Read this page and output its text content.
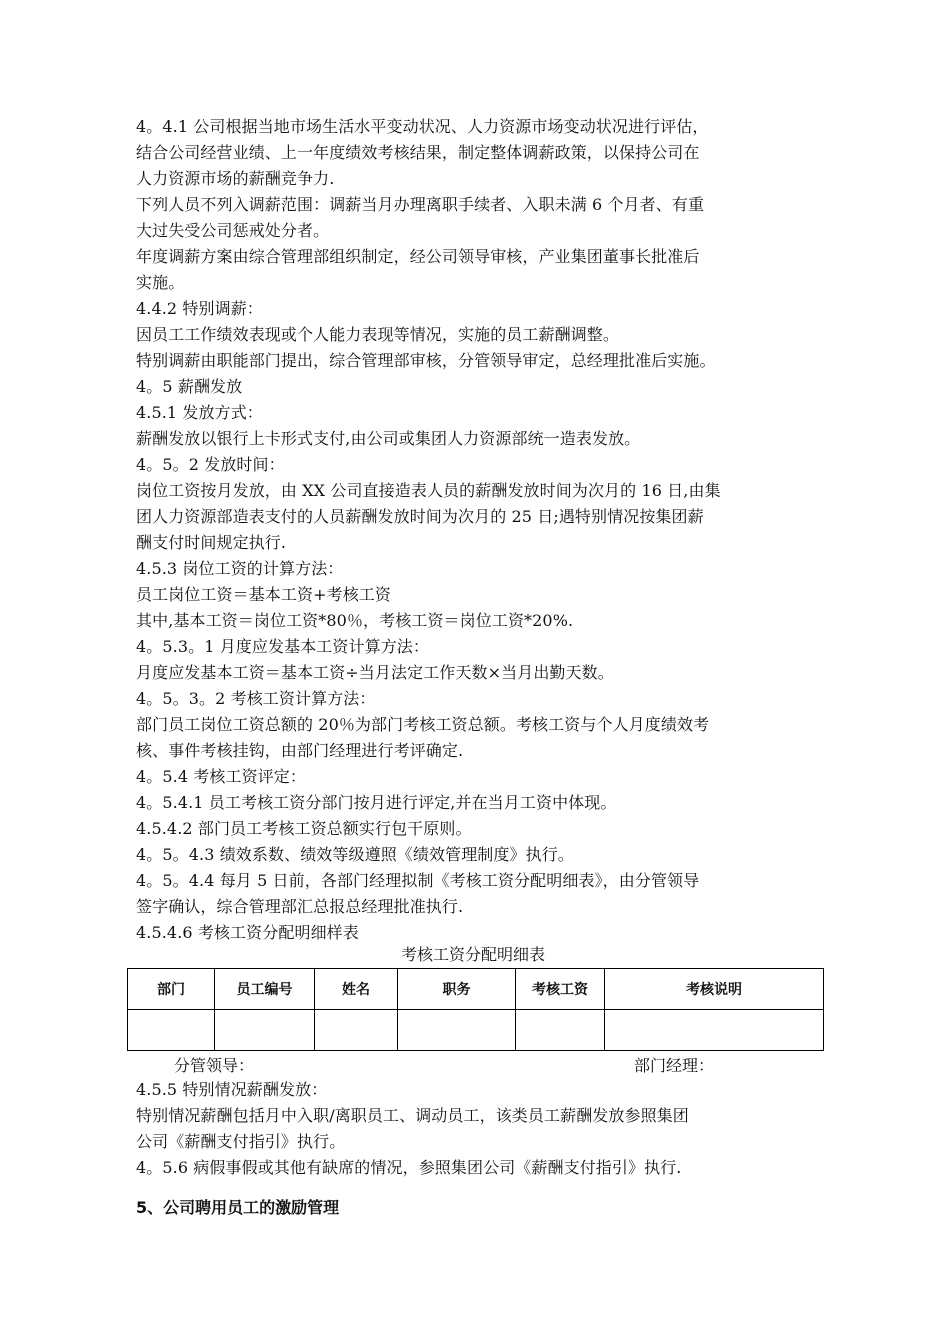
4。4.1 公司根据当地市场生活水平变动状况、人力资源市场变动状况进行评估，
结合公司经营业绩、上一年度绩效考核结果，制定整体调薪政策，以保持公司在
人力资源市场的薪酬竞争力.
下列人员不列入调薪范围：调薪当月办理离职手续者、入职未满 6 个月者、有重
大过失受公司惩戒处分者。
年度调薪方案由综合管理部组织制定，经公司领导审核，产业集团董事长批准后
实施。
4.4.2 特别调薪：
因员工工作绩效表现或个人能力表现等情况，实施的员工薪酬调整。
特别调薪由职能部门提出，综合管理部审核，分管领导审定，总经理批准后实施。
4。5 薪酬发放
4.5.1 发放方式：
薪酬发放以银行上卡形式支付,由公司或集团人力资源部统一造表发放。
4。5。2 发放时间：
岗位工资按月发放，由 XX 公司直接造表人员的薪酬发放时间为次月的 16 日,由集
团人力资源部造表支付的人员薪酬发放时间为次月的 25 日;遇特别情况按集团薪
酬支付时间规定执行.
4.5.3 岗位工资的计算方法：
员工岗位工资＝基本工资+考核工资
其中,基本工资＝岗位工资*80％，考核工资＝岗位工资*20%.
4。5.3。1 月度应发基本工资计算方法：
月度应发基本工资＝基本工资÷当月法定工作天数×当月出勤天数。
4。5。3。2 考核工资计算方法：
部门员工岗位工资总额的 20％为部门考核工资总额。考核工资与个人月度绩效考
核、事件考核挂钩，由部门经理进行考评确定.
4。5.4 考核工资评定：
4。5.4.1 员工考核工资分部门按月进行评定,并在当月工资中体现。
4.5.4.2 部门员工考核工资总额实行包干原则。
4。5。4.3 绩效系数、绩效等级遵照《绩效管理制度》执行。
4。5。4.4 每月 5 日前，各部门经理拟制《考核工资分配明细表》，由分管领导
签字确认，综合管理部汇总报总经理批准执行.
4.5.4.6 考核工资分配明细样表
考核工资分配明细表
部门	员工编号	姓名	职务	考核工资	考核说明

分管领导：	部门经理：
4.5.5 特别情况薪酬发放：
特别情况薪酬包括月中入职/离职员工、调动员工，该类员工薪酬发放参照集团
公司《薪酬支付指引》执行。
4。5.6 病假事假或其他有缺席的情况，参照集团公司《薪酬支付指引》执行.
5、公司聘用员工的激励管理
